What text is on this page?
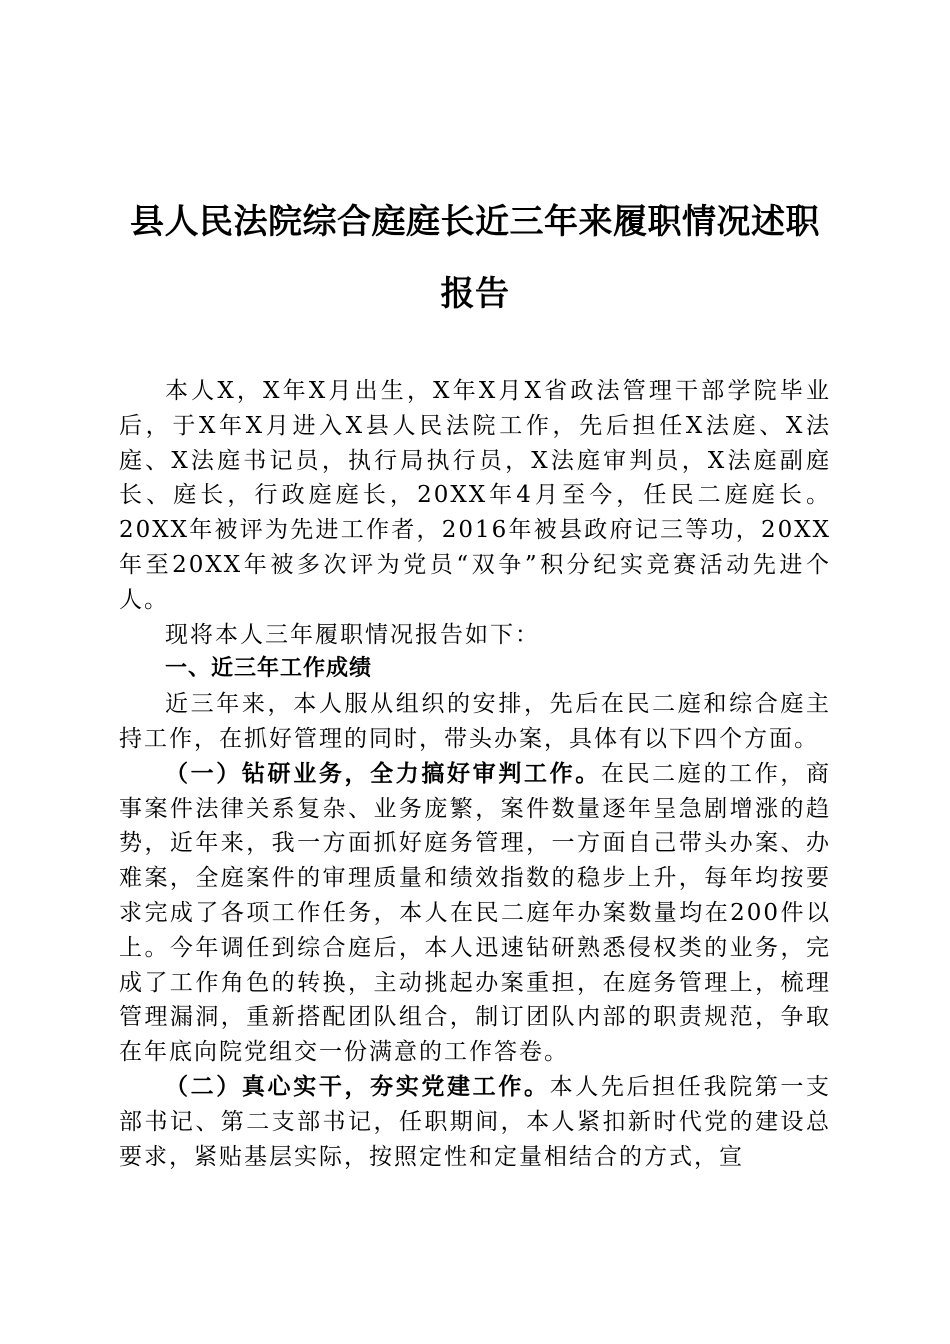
县人民法院综合庭庭长近三年来履职情况述职
报告

本人X，X年X月出生，X年X月X省政法管理干部学院毕业后，于X年X月进入X县人民法院工作，先后担任X法庭、X法庭、X法庭书记员，执行局执行员，X法庭审判员，X法庭副庭长、庭长，行政庭庭长，20XX年4月至今，任民二庭庭长。20XX年被评为先进工作者，2016年被县政府记三等功，20XX年至20XX年被多次评为党员“双争”积分纪实竞赛活动先进个人。

现将本人三年履职情况报告如下：

一、近三年工作成绩

近三年来，本人服从组织的安排，先后在民二庭和综合庭主持工作，在抓好管理的同时，带头办案，具体有以下四个方面。

（一）钻研业务，全力搞好审判工作。在民二庭的工作，商事案件法律关系复杂、业务庞繁，案件数量逐年呈急剧增涨的趋势，近年来，我一方面抓好庭务管理，一方面自己带头办案、办难案，全庭案件的审理质量和绩效指数的稳步上升，每年均按要求完成了各项工作任务，本人在民二庭年办案数量均在200件以上。今年调任到综合庭后，本人迅速钻研熟悉侵权类的业务，完成了工作角色的转换，主动挑起办案重担，在庭务管理上，梳理管理漏洞，重新搭配团队组合，制订团队内部的职责规范，争取在年底向院党组交一份满意的工作答卷。

（二）真心实干，夯实党建工作。本人先后担任我院第一支部书记、第二支部书记，任职期间，本人紧扣新时代党的建设总要求，紧贴基层实际，按照定性和定量相结合的方式，宣
